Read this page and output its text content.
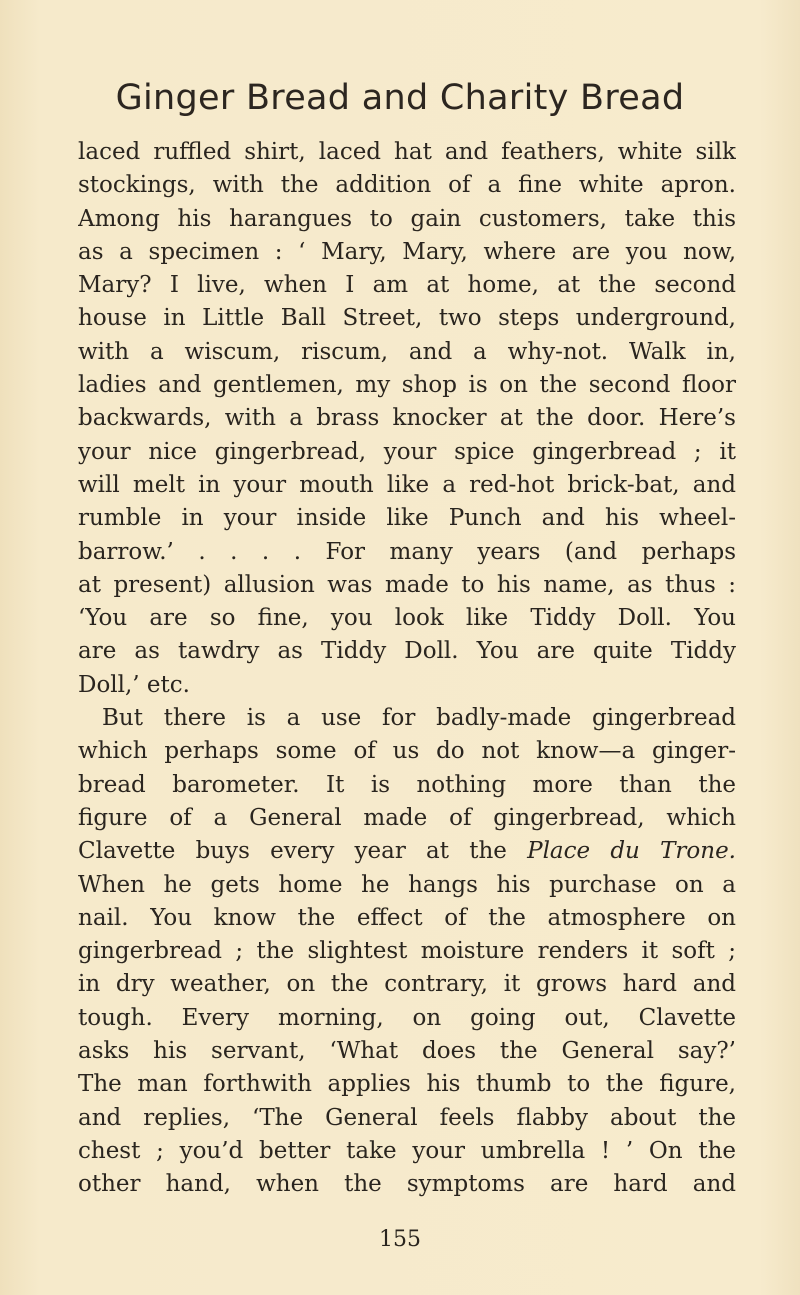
Ginger Bread and Charity Bread
laced ruffled shirt, laced hat and feathers, white silk
stockings, with the addition of a fine white apron.
Among his harangues to gain customers, take this
as a specimen : ‘ Mary, Mary, where are you now,
Mary? I live, when I am at home, at the second
house in Little Ball Street, two steps underground,
with a wiscum, riscum, and a why-not. Walk in,
ladies and gentlemen, my shop is on the second floor
backwards, with a brass knocker at the door. Here’s
your nice gingerbread, your spice gingerbread ; it
will melt in your mouth like a red-hot brick-bat, and
rumble in your inside like Punch and his wheel-
barrow.’ . . . . For many years (and perhaps
at present) allusion was made to his name, as thus :
‘You are so fine, you look like Tiddy Doll. You
are as tawdry as Tiddy Doll. You are quite Tiddy
Doll,’ etc.
But there is a use for badly-made gingerbread
which perhaps some of us do not know—a ginger-
bread barometer. It is nothing more than the
figure of a General made of gingerbread, which
Clavette buys every year at the Place du Trone.
When he gets home he hangs his purchase on a
nail. You know the effect of the atmosphere on
gingerbread ; the slightest moisture renders it soft ;
in dry weather, on the contrary, it grows hard and
tough. Every morning, on going out, Clavette
asks his servant, ‘What does the General say?’
The man forthwith applies his thumb to the figure,
and replies, ‘The General feels flabby about the
chest ; you’d better take your umbrella ! ’ On the
other hand, when the symptoms are hard and
155
